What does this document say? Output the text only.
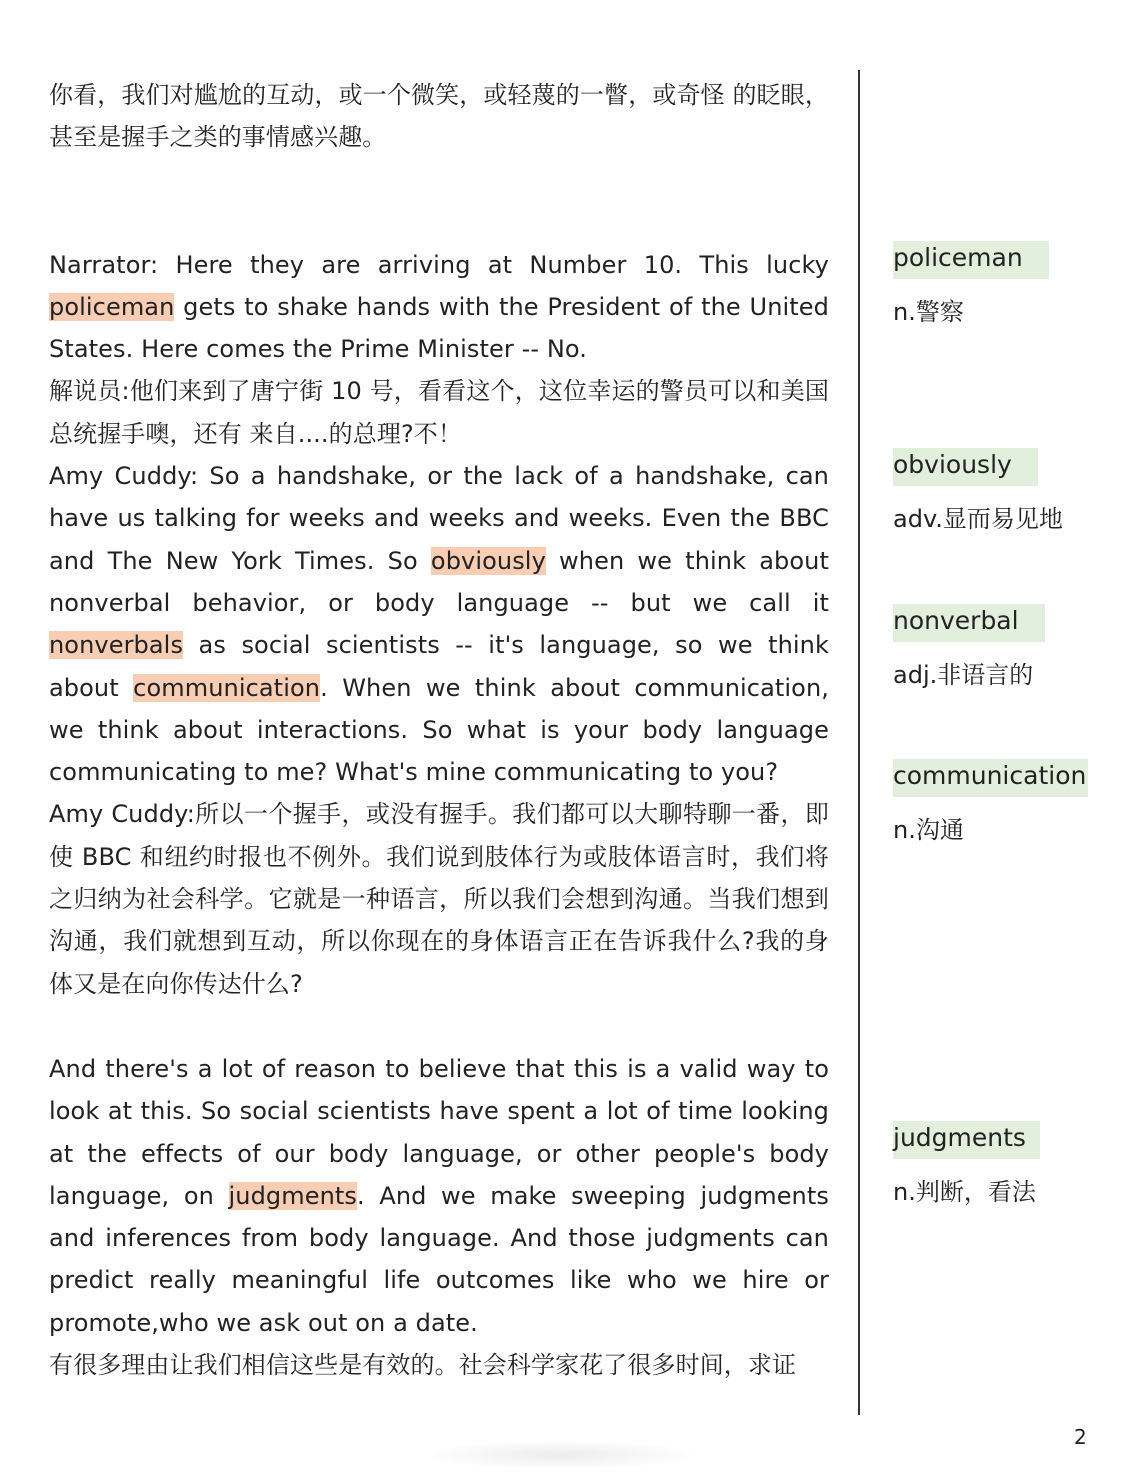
你看，我们对尴尬的互动，或一个微笑，或轻蔑的一瞥，或奇怪 的眨眼，甚至是握手之类的事情感兴趣。

Narrator: Here they are arriving at Number 10. This lucky policeman gets to shake hands with the President of the United States. Here comes the Prime Minister -- No.

解说员:他们来到了唐宁街 10 号，看看这个，这位幸运的警员可以和美国总统握手噢，还有 来自....的总理?不！

Amy Cuddy: So a handshake, or the lack of a handshake, can have us talking for weeks and weeks and weeks. Even the BBC and The New York Times. So obviously when we think about nonverbal behavior, or body language -- but we call it nonverbals as social scientists -- it's language, so we think about communication. When we think about communication, we think about interactions. So what is your body language communicating to me? What's mine communicating to you?

Amy Cuddy:所以一个握手，或没有握手。我们都可以大聊特聊一番，即使 BBC 和纽约时报也不例外。我们说到肢体行为或肢体语言时，我们将之归纳为社会科学。它就是一种语言，所以我们会想到沟通。当我们想到沟通，我们就想到互动，所以你现在的身体语言正在告诉我什么?我的身体又是在向你传达什么?

And there's a lot of reason to believe that this is a valid way to look at this. So social scientists have spent a lot of time looking at the effects of our body language, or other people's body language, on judgments. And we make sweeping judgments and inferences from body language. And those judgments can predict really meaningful life outcomes like who we hire or promote,who we ask out on a date.

有很多理由让我们相信这些是有效的。社会科学家花了很多时间，求证

policeman
n.警察
obviously
adv.显而易见地
nonverbal
adj.非语言的
communication
n.沟通
judgments
n.判断，看法
2
